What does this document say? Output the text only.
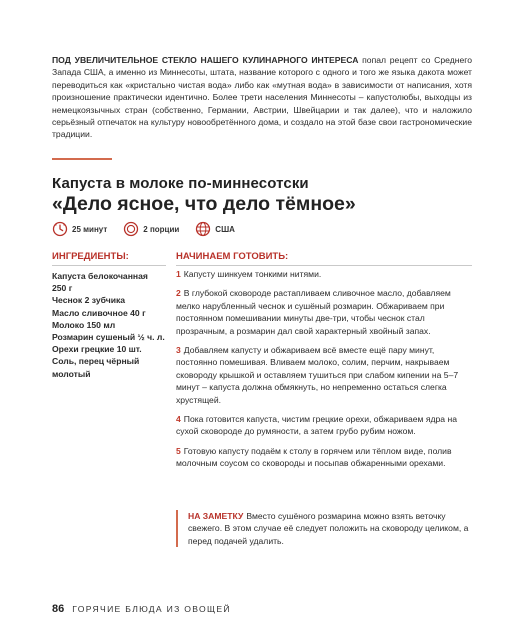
ПОД УВЕЛИЧИТЕЛЬНОЕ СТЕКЛО НАШЕГО КУЛИНАРНОГО ИНТЕРЕСА попал рецепт со Среднего Запада США, а именно из Миннесоты, штата, название которого с одного и того же языка дакота может переводиться как «кристально чистая вода» либо как «мутная вода» в зависимости от написания, хотя произношение практически идентично. Более трети населения Миннесоты – капустолюбы, выходцы из немецкоязычных стран (собственно, Германии, Австрии, Швейцарии и так далее), что и наложило серьёзный отпечаток на культуру новообретённого дома, и создало на этой базе свои гастрономические традиции.
Капуста в молоке по-миннесотски
«Дело ясное, что дело тёмное»
25 минут	2 порции	США
ИНГРЕДИЕНТЫ:	НАЧИНАЕМ ГОТОВИТЬ:
Капуста белокочанная
250 г
Чеснок 2 зубчика
Масло сливочное 40 г
Молоко 150 мл
Розмарин сушеный ½ ч. л.
Орехи грецкие 10 шт.
Соль, перец чёрный
молотый

1 Капусту шинкуем тонкими нитями.

2 В глубокой сковороде растапливаем сливочное масло, добавляем мелко нарубленный чеснок и сушёный розмарин. Обжариваем при постоянном помешивании минуты две-три, чтобы чеснок стал прозрачным, а розмарин дал свой характерный хвойный запах.

3 Добавляем капусту и обжариваем всё вместе ещё пару минут, постоянно помешивая. Вливаем молоко, солим, перчим, накрываем сковороду крышкой и оставляем тушиться при слабом кипении на 5–7 минут – капуста должна обмякнуть, но непременно остаться слегка хрустящей.

4 Пока готовится капуста, чистим грецкие орехи, обжариваем ядра на сухой сковороде до румяности, а затем грубо рубим ножом.

5 Готовую капусту подаём к столу в горячем или тёплом виде, полив молочным соусом со сковороды и посыпав обжаренными орехами.

НА ЗАМЕТКУ Вместо сушёного розмарина можно взять веточку свежего. В этом случае её следует положить на сковороду целиком, а перед подачей удалить.
86 ГОРЯЧИЕ БЛЮДА ИЗ ОВОЩЕЙ
